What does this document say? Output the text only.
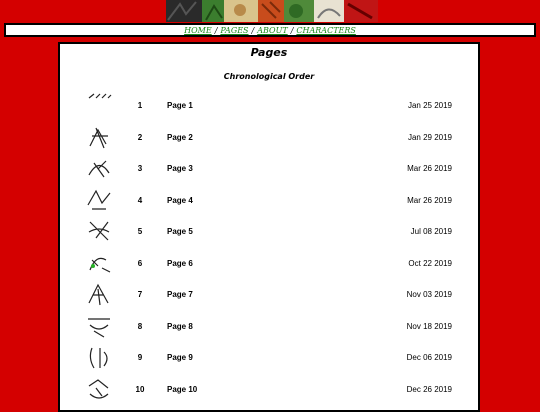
HOME / PAGES / ABOUT / CHARACTERS
Pages
Chronological Order
1	Page 1	Jan 25 2019
2	Page 2	Jan 29 2019
3	Page 3	Mar 26 2019
4	Page 4	Mar 26 2019
5	Page 5	Jul 08 2019
6	Page 6	Oct 22 2019
7	Page 7	Nov 03 2019
8	Page 8	Nov 18 2019
9	Page 9	Dec 06 2019
10	Page 10	Dec 26 2019
